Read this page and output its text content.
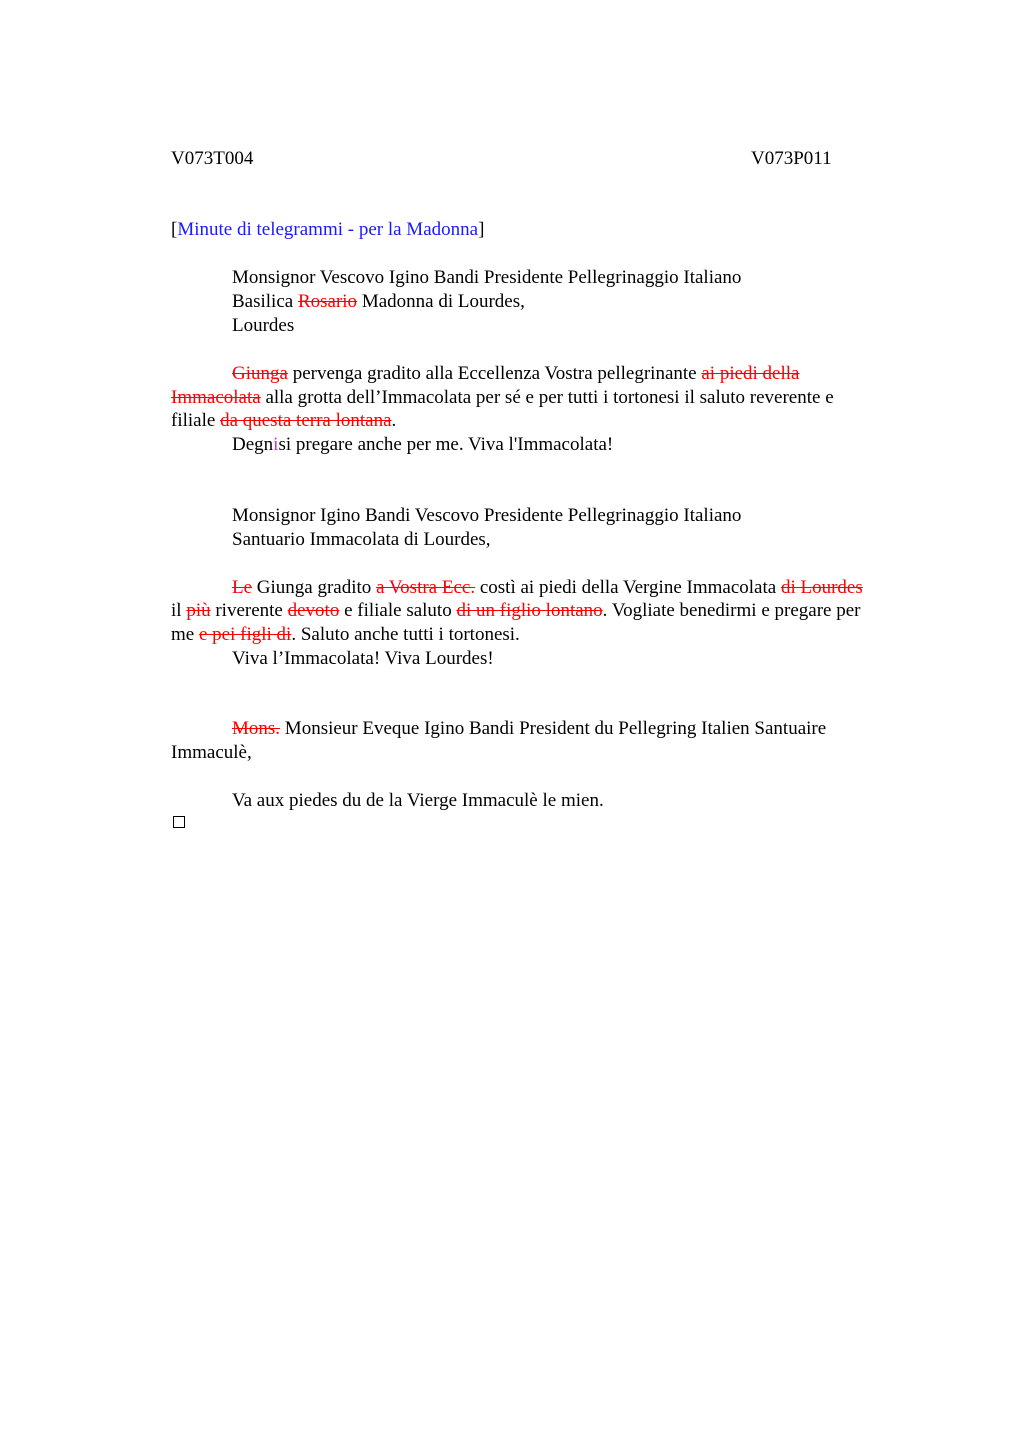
V073T004	V073P011
[Minute di telegrammi - per la Madonna]
Monsignor Vescovo Igino Bandi Presidente Pellegrinaggio Italiano
Basilica Rosario Madonna di Lourdes,
Lourdes
Giunga pervenga gradito alla Eccellenza Vostra pellegrinante ai piedi della
Immacolata alla grotta dell’Immacolata per sé e per tutti i tortonesi il saluto reverente e
filiale da questa terra lontana.
Degnisi pregare anche per me. Viva l'Immacolata!
Monsignor Igino Bandi Vescovo Presidente Pellegrinaggio Italiano
Santuario Immacolata di Lourdes,
Le Giunga gradito a Vostra Ecc. costì ai piedi della Vergine Immacolata di Lourdes
il più riverente devoto e filiale saluto di un figlio lontano. Vogliate benedirmi e pregare per
me e pei figli di. Saluto anche tutti i tortonesi.
Viva l’Immacolata! Viva Lourdes!
Mons. Monsieur Eveque Igino Bandi President du Pellegring Italien Santuaire
Immaculè,
Va aux piedes du de la Vierge Immaculè le mien.
